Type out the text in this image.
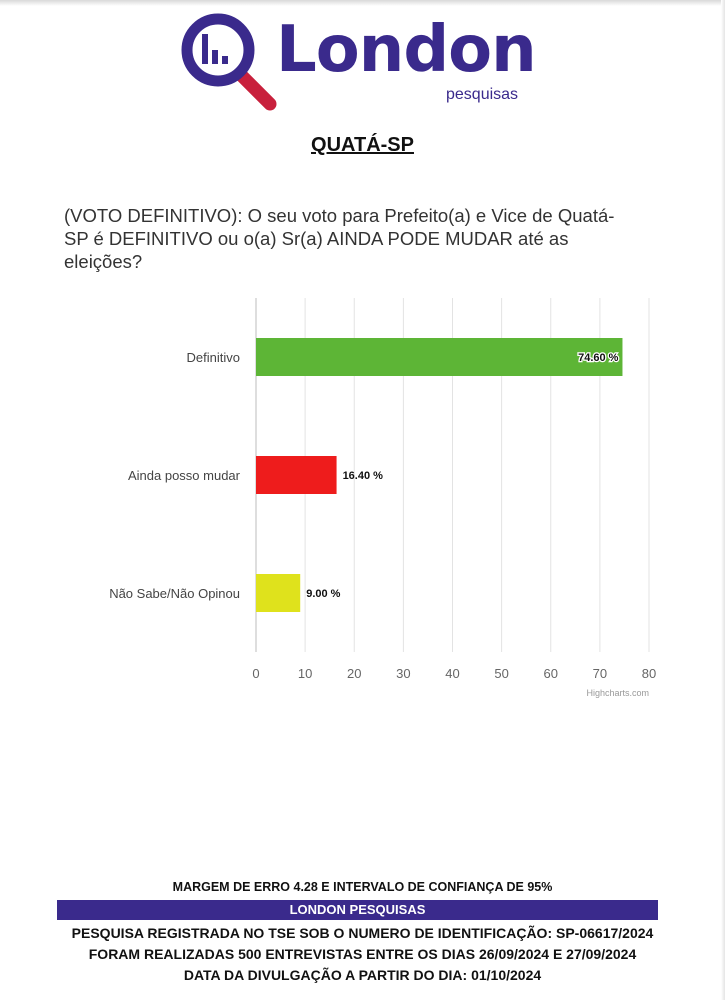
London
pesquisas
QUATÁ-SP
(VOTO DEFINITIVO): O seu voto para Prefeito(a) e Vice de Quatá-SP é DEFINITIVO ou o(a) Sr(a) AINDA PODE MUDAR até as eleições?
0	10	20	30	40	50	60	70	80
Definitivo	74.60 %
Ainda posso mudar	16.40 %
Não Sabe/Não Opinou	9.00 %
Highcharts.com
MARGEM DE ERRO 4.28 E INTERVALO DE CONFIANÇA DE 95%
LONDON PESQUISAS
PESQUISA REGISTRADA NO TSE SOB O NUMERO DE IDENTIFICAÇÃO: SP-06617/2024
FORAM REALIZADAS 500 ENTREVISTAS ENTRE OS DIAS 26/09/2024 E 27/09/2024
DATA DA DIVULGAÇÃO A PARTIR DO DIA: 01/10/2024
